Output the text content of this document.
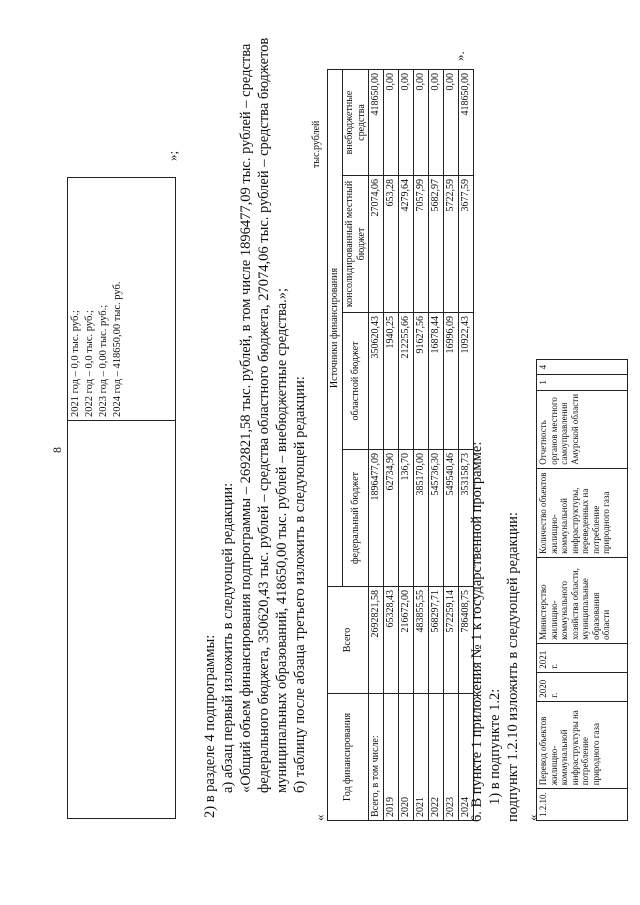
8

2021 год – 0,0 тыс. руб.; 2022 год – 0,0 тыс. руб.; 2023 год – 0,00 тыс. руб.; 2024 год – 418650,00 тыс. руб.
»;
2) в разделе 4 подпрограммы: а) абзац первый изложить в следующей редакции: «Общий объем финансирования подпрограммы – 2692821,58 тыс. рублей, в том числе 1896477,09 тыс. рублей – средства федерального бюджета, 350620,43 тыс. рублей – средства областного бюджета, 27074,06 тыс. рублей – средства бюджетов муниципальных образований, 418650,00 тыс. рублей – внебюджетные средства.»; б) таблицу после абзаца третьего изложить в следующей редакции:
«
тыс.рублей
Год финансирования	Всего	Источники финансирования			
		федеральный бюджет	областной бюджет	консолидированный местный бюджет	внебюджетные средства
Всего, в том числе:	2692821,58	1896477,09	350620,43	27074,06	418650,00
2019	65328,43	62734,90	1940,25	653,28	0,00
2020	216672,00	136,70	212255,66	4279,64	0,00
2021	483855,55	385170,00	91627,56	7057,99	0,00
2022	568297,71	545736,30	16878,44	5682,97	0,00
2023	572259,14	549540,46	16996,09	5722,59	0,00
2024	786408,75	353158,73	10922,43	3677,59	418650,00
».
6. В пункте 1 приложения № 1 к государственной программе: 1) в подпункте 1.2: подпункт 1.2.10 изложить в следующей редакции: «
1.2.10.	Перевод объектов жилищно-коммунальной инфраструктуры на потребление природного газа	2020 г.	2021 г.	Министерство жилищно-коммунального хозяйства области, муниципальные образования области	Количество объектов жилищно-коммунальной инфраструктуры, переведенных на потребление природного газа	Отчетность органов местного самоуправления Амурской области	1	4
